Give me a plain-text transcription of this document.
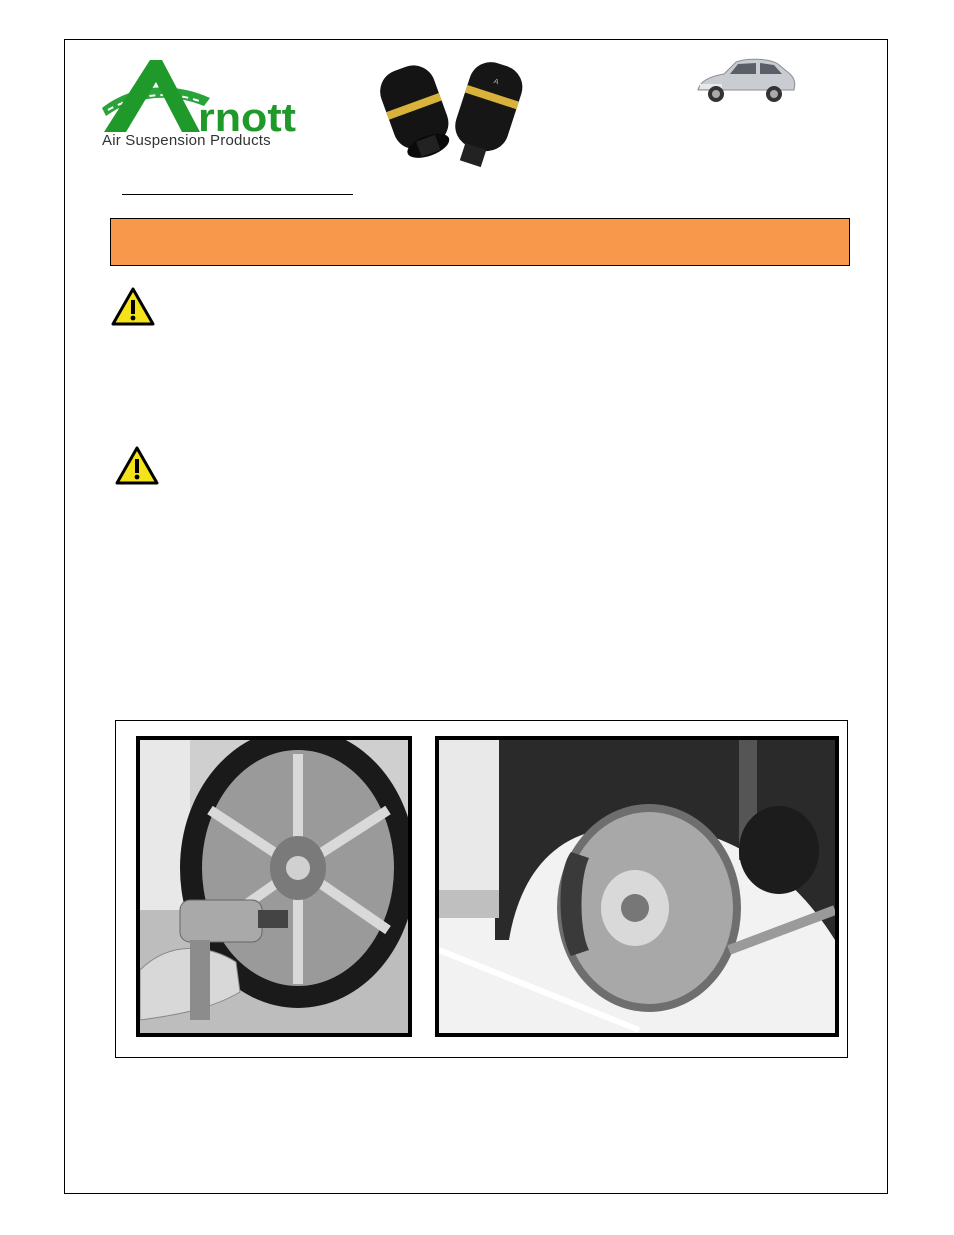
rnott
Air Suspension Products
A
